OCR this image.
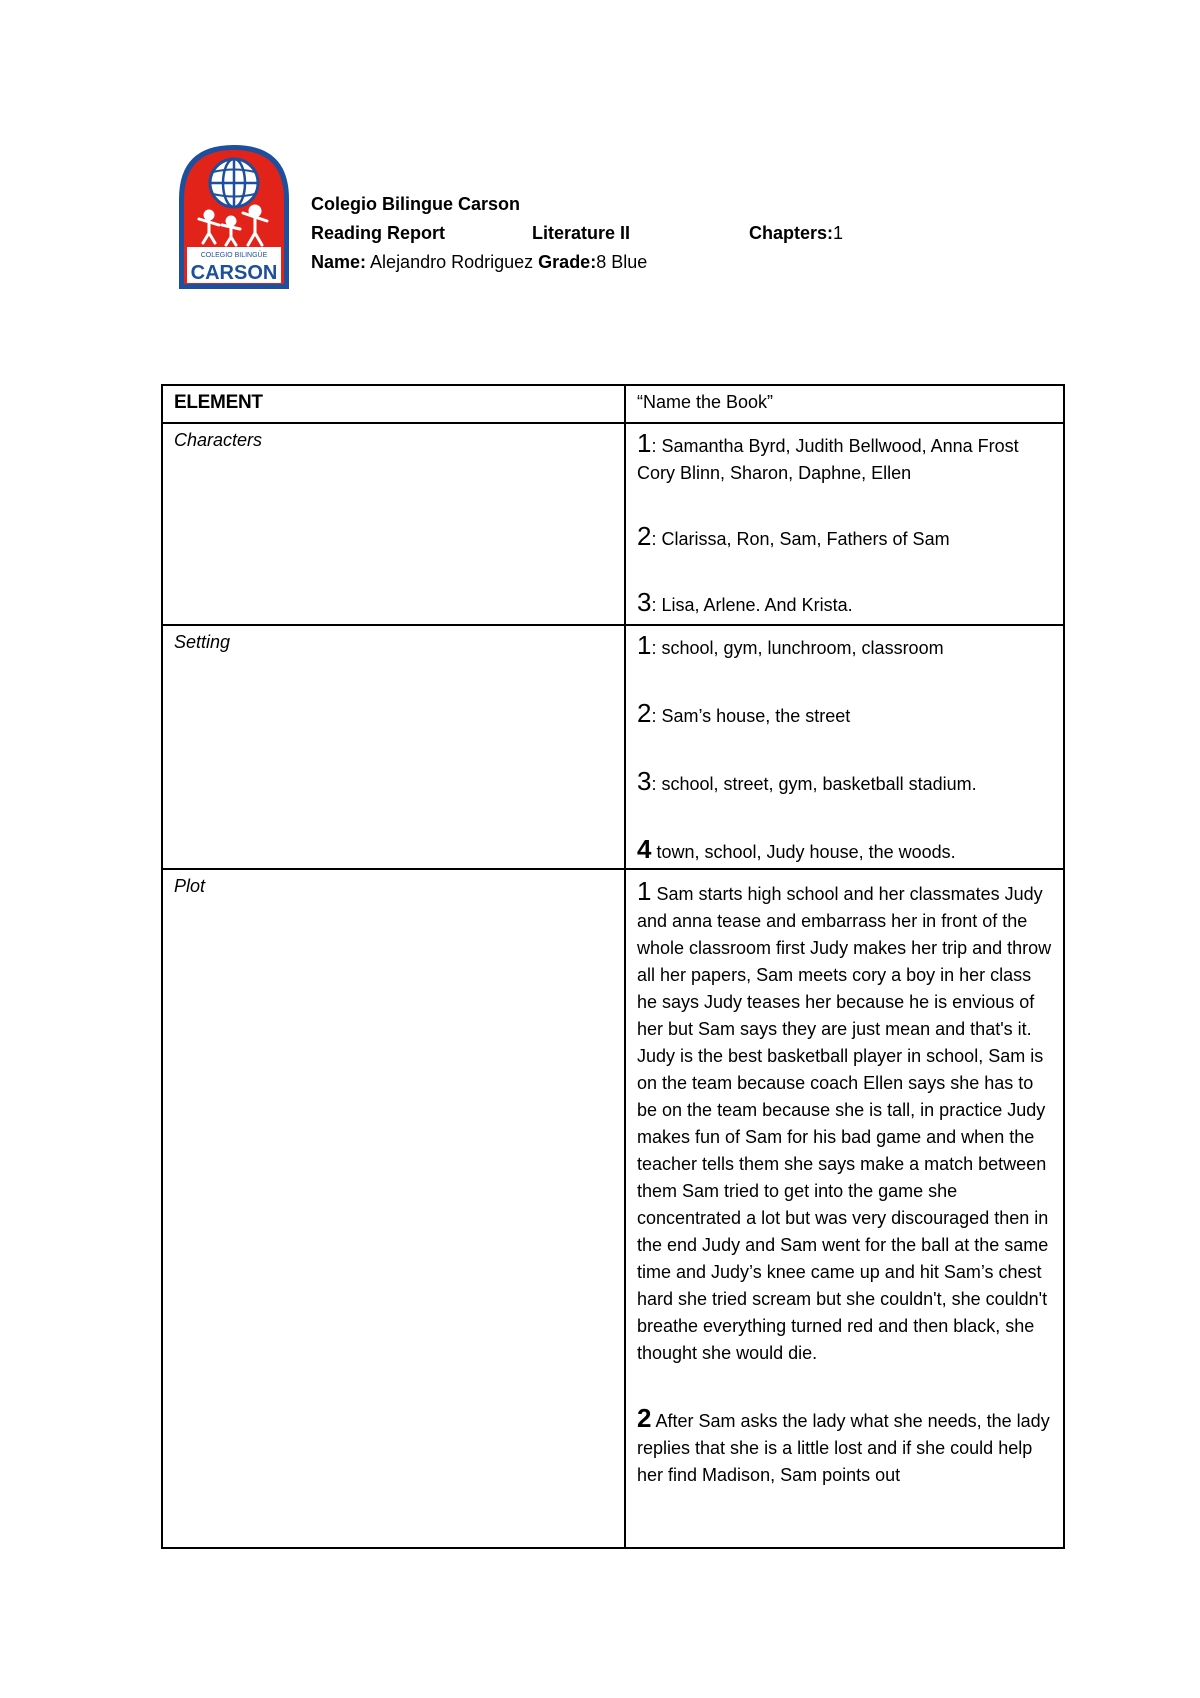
COLEGIO BILINGÜE
CARSON
Colegio Bilingue Carson
Reading Report	Literature II	Chapters:1
Name: Alejandro Rodriguez Grade:8 Blue
ELEMENT	“Name the Book”
Characters	1: Samantha Byrd, Judith Bellwood, Anna Frost Cory Blinn, Sharon, Daphne, Ellen
2: Clarissa, Ron, Sam, Fathers of Sam
3: Lisa, Arlene. And Krista.

Setting	1: school, gym, lunchroom, classroom
2: Sam’s house, the street
3: school, street, gym, basketball stadium.
4 town, school, Judy house, the woods.

Plot	1 Sam starts high school and her classmates Judy and anna tease and embarrass her in front of the whole classroom first Judy makes her trip and throw all her papers, Sam meets cory a boy in her class he says Judy teases her because he is envious of her but Sam says they are just mean and that's it. Judy is the best basketball player in school, Sam is on the team because coach Ellen says she has to be on the team because she is tall, in practice Judy makes fun of Sam for his bad game and when the teacher tells them she says make a match between them Sam tried to get into the game she concentrated a lot but was very discouraged then in the end Judy and Sam went for the ball at the same time and Judy’s knee came up and hit Sam’s chest hard she tried scream but she couldn't, she couldn't breathe everything turned red and then black, she thought she would die.
2 After Sam asks the lady what she needs, the lady replies that she is a little lost and if she could help her find Madison, Sam points out
